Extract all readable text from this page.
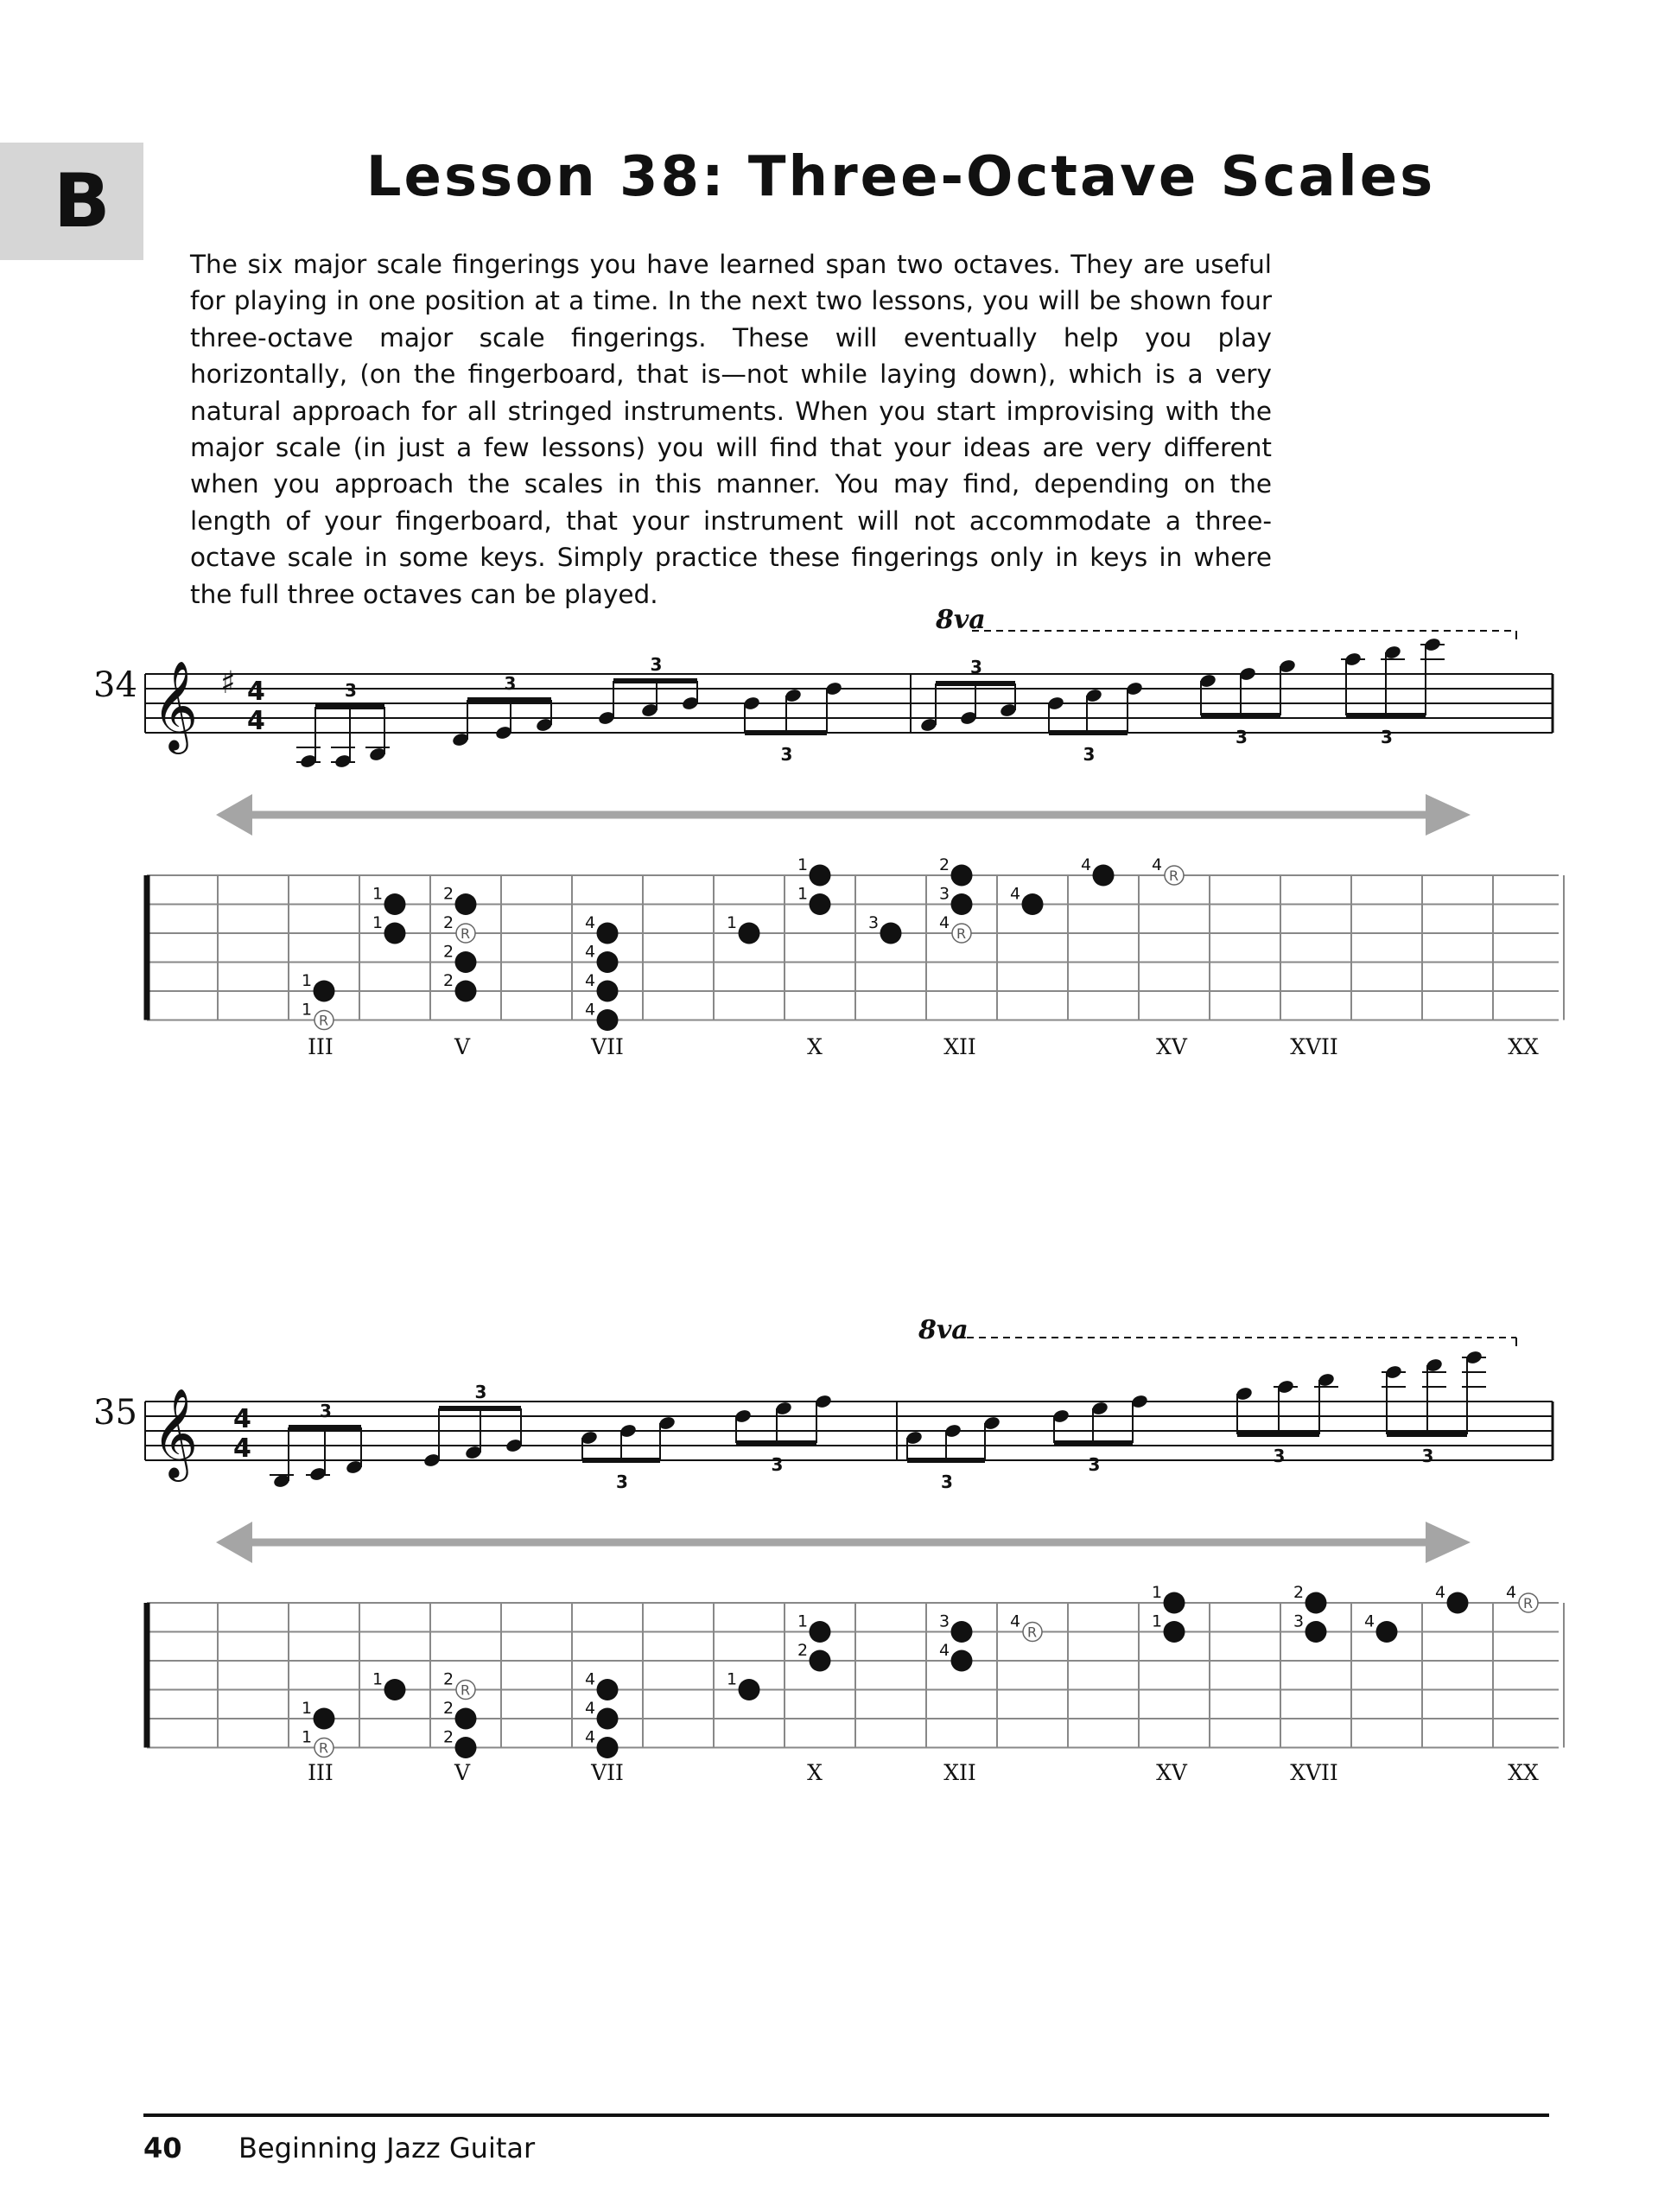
B	Lesson 38: Three-Octave Scales
The six major scale fingerings you have learned span two octaves. They are useful for playing in one position at a time. In the next two lessons, you will be shown four three-octave major scale fingerings. These will eventually help you play horizontally, (on the fingerboard, that is—not while laying down), which is a very natural approach for all stringed instruments. When you start improvising with the major scale (in just a few lessons) you will find that your ideas are very different when you approach the scales in this manner. You may find, depending on the length of your fingerboard, that your instrument will not accommodate a three-octave scale in some keys. Simply practice these fingerings only in keys in where the full three octaves can be played.
34
8va
35
8va
III	V	VII	X	XII	XV	XVII	XX
III	V	VII	X	XII	XV	XVII	XX
𝄞 ♯ 4
4
3	3
3
3
3
3
3	3
R
1
1	2
2
R
2
2
1
1
4
4
4
4	1
1
1
3
2
3
R
4
4
4
R
4
𝄞 4
4
3
3
3
3
3
3	3	3
R
1
1
1
R
2
2
2
4
4
4
1
1
2
3
4
R
4
1
1
2
3	4
4
R
4
40 Beginning Jazz Guitar
